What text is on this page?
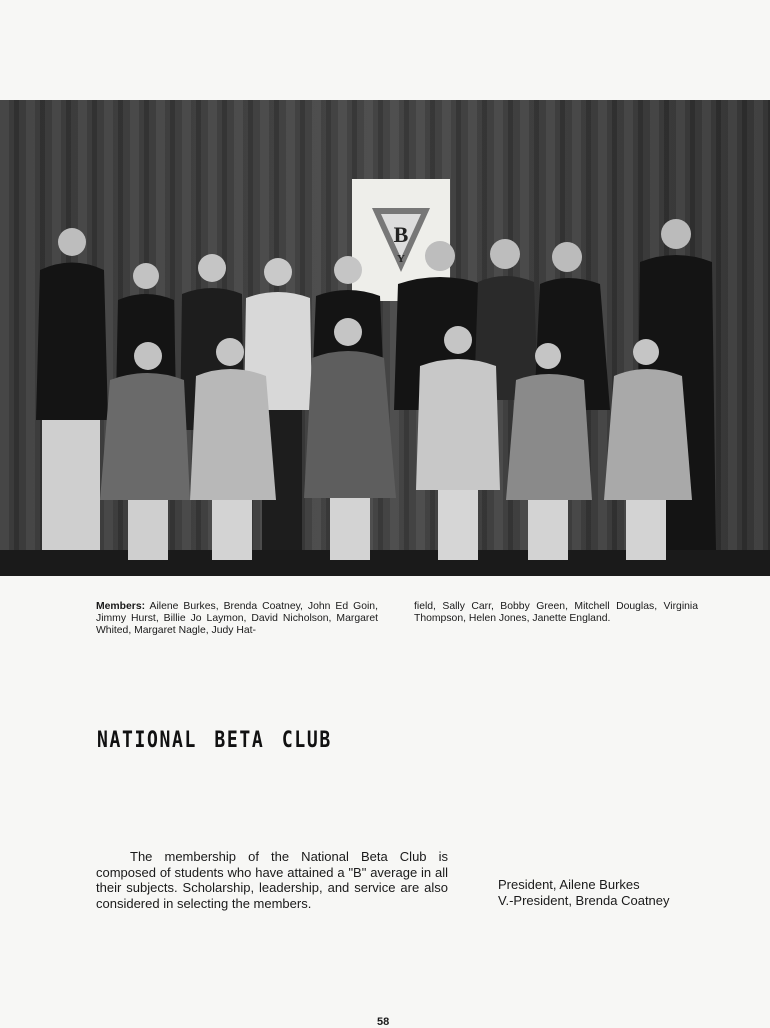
B
Y
Members: Ailene Burkes, Brenda Coatney, John Ed Goin, Jimmy Hurst, Billie Jo Laymon, David Nicholson, Margaret Whited, Margaret Nagle, Judy Hat-
field, Sally Carr, Bobby Green, Mitchell Douglas, Virginia Thompson, Helen Jones, Janette England.
NATIONAL BETA CLUB
The membership of the National Beta Club is composed of students who have attained a "B" average in all their subjects. Scholarship, leadership, and service are also considered in selecting the members.
President, Ailene Burkes
V.-President, Brenda Coatney
58
